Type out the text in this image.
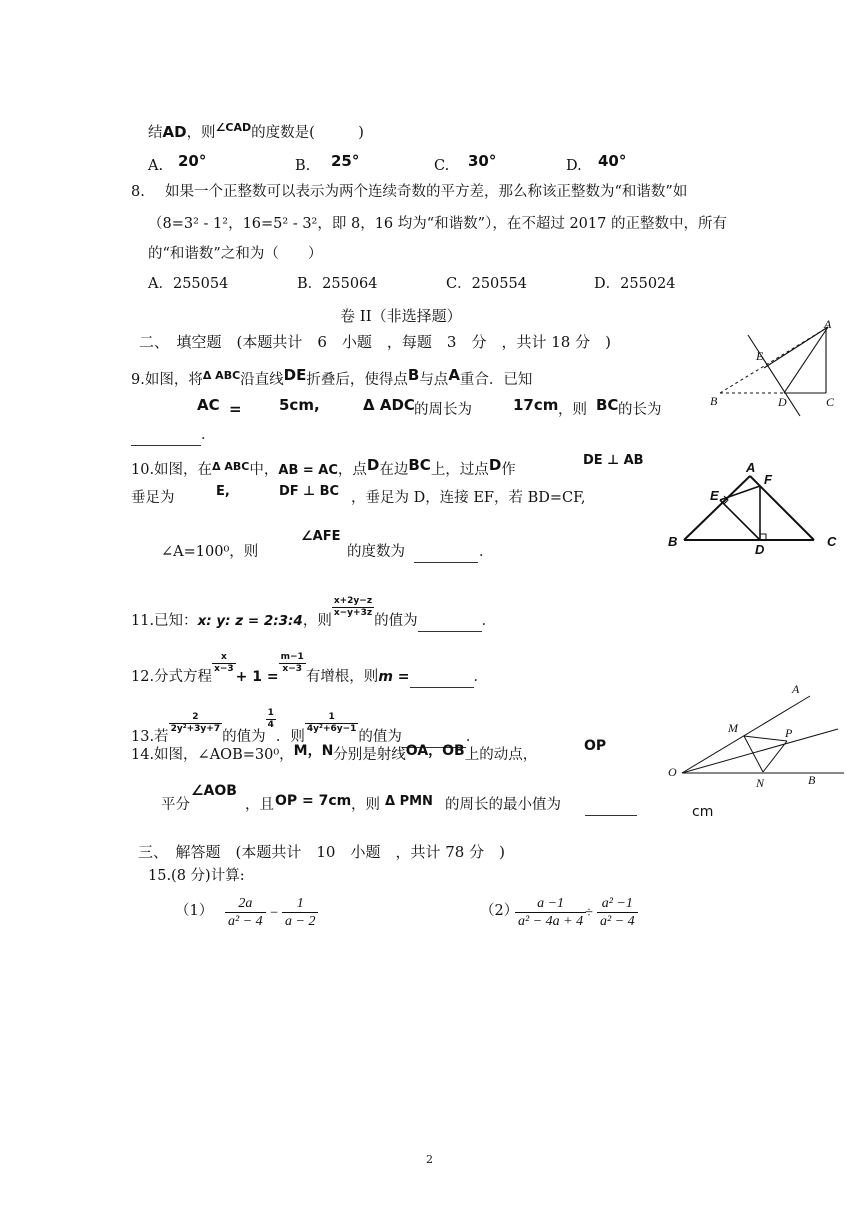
结AD，则$^{\angle CAD}$的度数是(　　　)
A. 20°	B. 25°	C. 30°	D. 40°
8. 如果一个正整数可以表示为两个连续奇数的平方差，那么称该正整数为“和谐数”如
（8=3² - 1²，16=5² - 3²，即 8，16 均为“和谐数”），在不超过 2017 的正整数中，所有
的“和谐数”之和为（　　）
A．255054	B．255064	C．250554	D．255024
卷 II（非选择题）
二、　填空题　(本题共计　6　小题　，每题　3　分　，共计 18 分　)
9.如图，将$^{\Delta ABC}$沿直线DE折叠后，使得点B与点A重合．已知
AC = 5cm,	Δ ADC 的周长为	17cm ，则 BC 的长为
．
A
E
B	D	C
10.如图，在$^{\Delta ABC}$中，AB = AC，点D在边BC上，过点D作
DE ⊥ AB
垂足为	E,	DF ⊥ BC ，垂足为 D，连接 EF，若 BD=CF,
∠A=100⁰，则
∠AFE
的度数为
	．
A
E
F
B
D
C
11.已知：x: y: z = 2:3:4，则
$\frac{x+2y-z}{x-y+3z}$
的值为	．
12.分式方程
$\frac{x}{x-3}$
+ 1 =
$\frac{m-1}{x-3}$
有增根，则m =	．
13.若
$\frac{2}{\text{2y²+3y+7}}$
的值为
$\frac{1}{4}$
．则
$\frac{1}{\text{4y²+6y−1}}$
的值为	．
14.如图，∠AOB=30⁰，M，N分别是射线OA，OB上的动点，
OP
平分
∠AOB
，且 OP = 7cm ，则 Δ PMN 的周长的最小值为
	cm
A
M	P
O
N	B
三、　解答题　(本题共计　10　小题　，共计 78 分　)
15.(8 分)计算:
（1）	2a
a² − 4
−
1
a − 2
（2）	a −1
a² − 4a + 4
÷
a² −1
a² − 4
2
